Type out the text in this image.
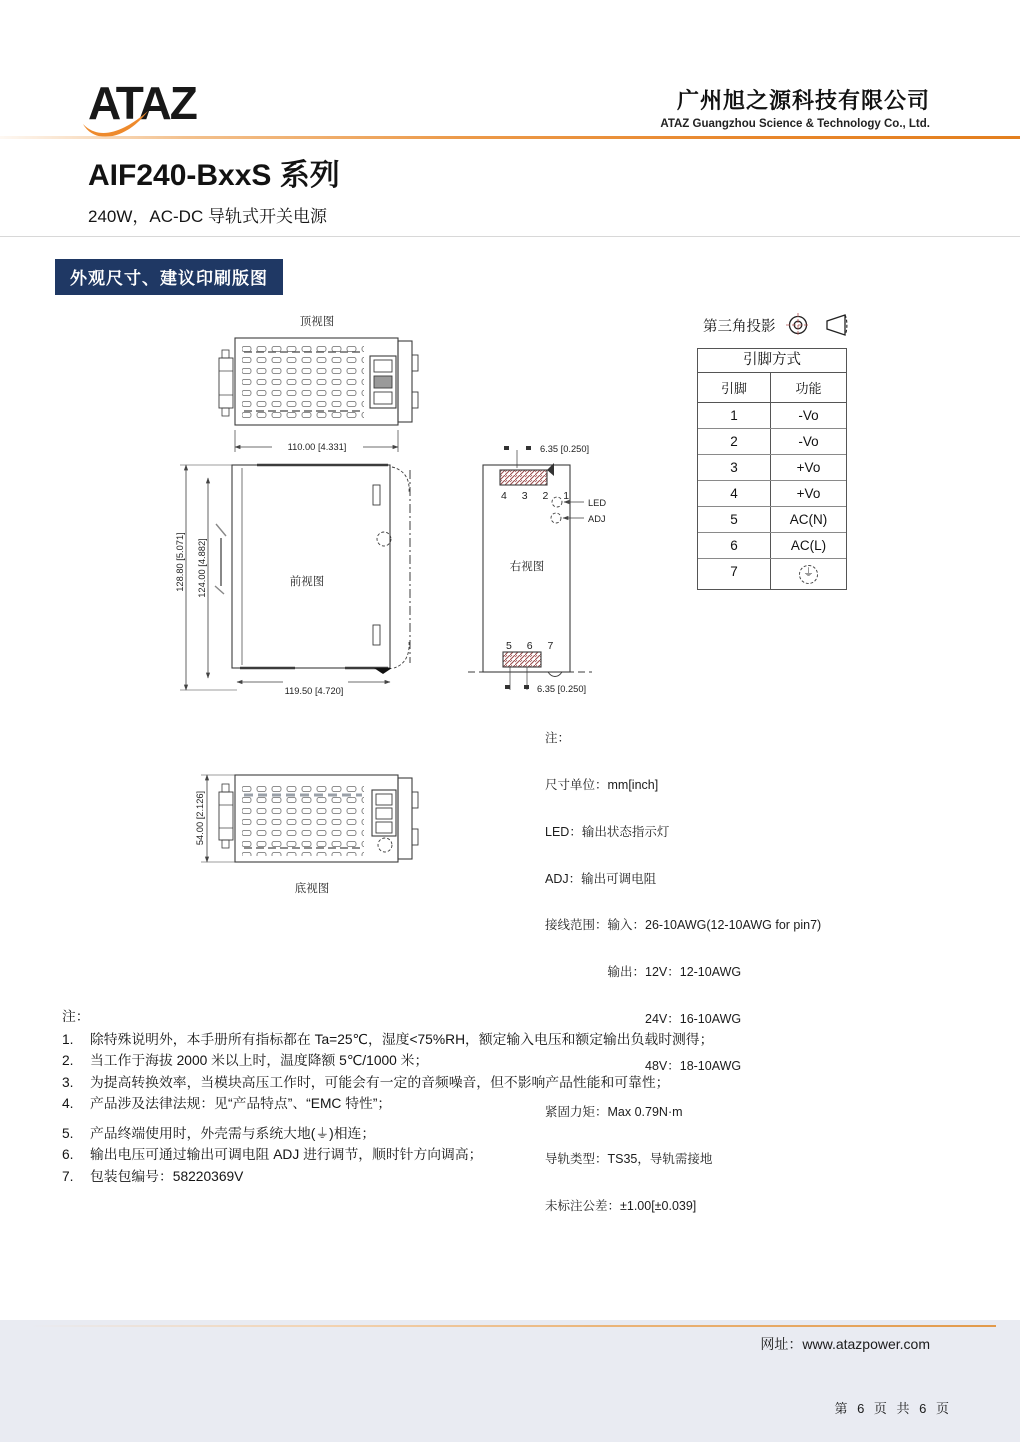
ATAZ	广州旭之源科技有限公司
ATAZ Guangzhou Science & Technology Co., Ltd.
AIF240-BxxS 系列
240W，AC-DC 导轨式开关电源
外观尺寸、建议印刷版图
顶视图
110.00 [4.331]
前视图
128.80 [5.071] 124.00 [4.882]
119.50 [4.720]
4 3 2 1
6.35 [0.250]
LED
ADJ
右视图
5 6 7
6.35 [0.250]
54.00 [2.126]
底视图
第三角投影
引脚方式
引脚	功能
1	-Vo
2	-Vo
3	+Vo
4	+Vo
5	AC(N)
6	AC(L)
7	⏚

注：

尺寸单位：mm[inch]

LED：输出状态指示灯

ADJ：输出可调电阻

接线范围：输入：26-10AWG(12-10AWG for pin7)

　　　　　输出：12V：12-10AWG

　　　　　　　　24V：16-10AWG

　　　　　　　　48V：18-10AWG

紧固力矩：Max 0.79N·m

导轨类型：TS35，导轨需接地

未标注公差：±1.00[±0.039]

注：
1.	除特殊说明外，本手册所有指标都在 Ta=25℃，湿度<75%RH，额定输入电压和额定输出负载时测得；
2.	当工作于海拔 2000 米以上时，温度降额 5℃/1000 米；
3.	为提高转换效率，当模块高压工作时，可能会有一定的音频噪音，但不影响产品性能和可靠性；
4.	产品涉及法律法规：见“产品特点”、“EMC 特性”；
5.	产品终端使用时，外壳需与系统大地(⏚)相连；
6.	输出电压可通过输出可调电阻 ADJ 进行调节，顺时针方向调高；
7.	包装包编号：58220369V
网址：www.atazpower.com
第 6 页 共 6 页
